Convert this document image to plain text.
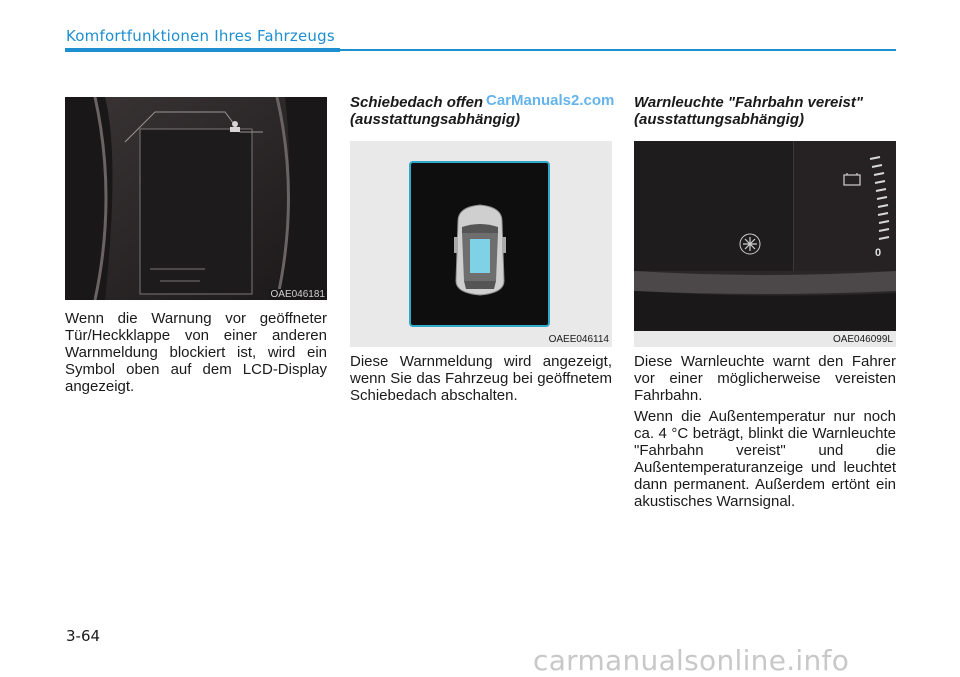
Komfortfunktionen Ihres Fahrzeugs
OAE046181

Wenn die Warnung vor geöffneter Tür/Heckklappe von einer anderen Warnmeldung blockiert ist, wird ein Symbol oben auf dem LCD-Display angezeigt.

Schiebedach offen

(ausstattungsabhängig)

OAEE046114

Diese Warnmeldung wird angezeigt, wenn Sie das Fahrzeug bei geöffnetem Schiebedach abschalten.

Warnleuchte "Fahrbahn vereist"

(ausstattungsabhängig)

0
OAE046099L

Diese Warnleuchte warnt den Fahrer vor einer möglicherweise vereisten Fahrbahn.

Wenn die Außentemperatur nur noch ca. 4 °C beträgt, blinkt die Warnleuchte "Fahrbahn vereist" und die Außentemperaturanzeige und leuchtet dann permanent. Außerdem ertönt ein akustisches Warnsignal.

CarManuals2.com
3-64
carmanualsonline.info
